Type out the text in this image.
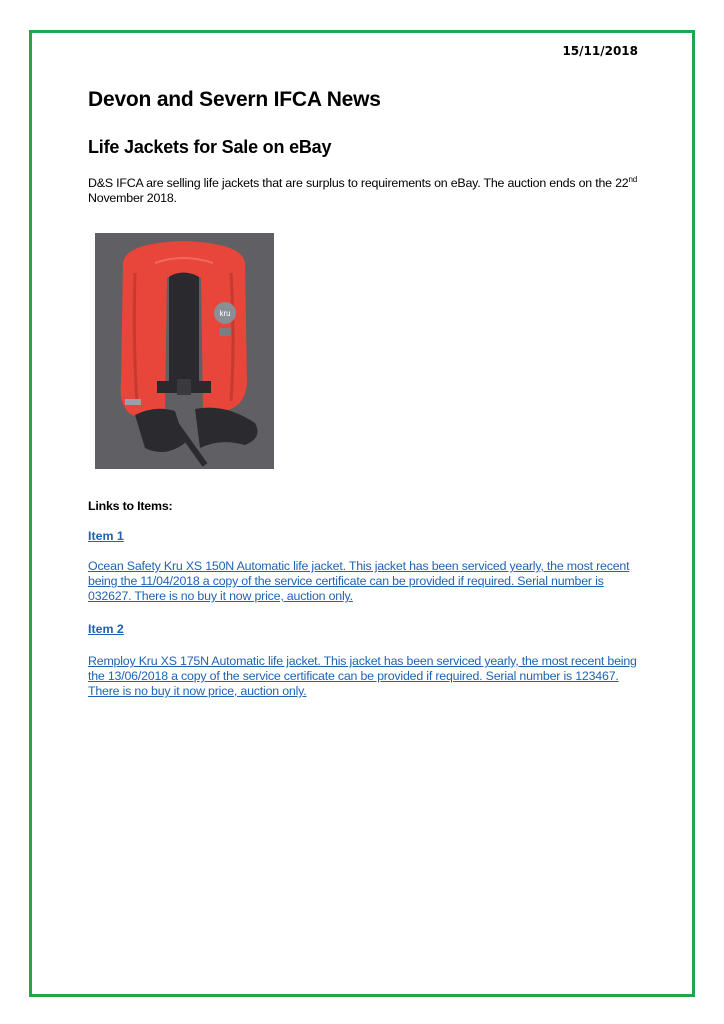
15/11/2018
Devon and Severn IFCA News
Life Jackets for Sale on eBay

D&S IFCA are selling life jackets that are surplus to requirements on eBay. The auction ends on the 22nd November 2018.

kru

Links to Items:

Item 1
Ocean Safety Kru XS 150N Automatic life jacket. This jacket has been serviced yearly, the most recent being the 11/04/2018 a copy of the service certificate can be provided if required. Serial number is 032627. There is no buy it now price, auction only.
Item 2
Remploy Kru XS 175N Automatic life jacket. This jacket has been serviced yearly, the most recent being the 13/06/2018 a copy of the service certificate can be provided if required. Serial number is 123467. There is no buy it now price, auction only.
